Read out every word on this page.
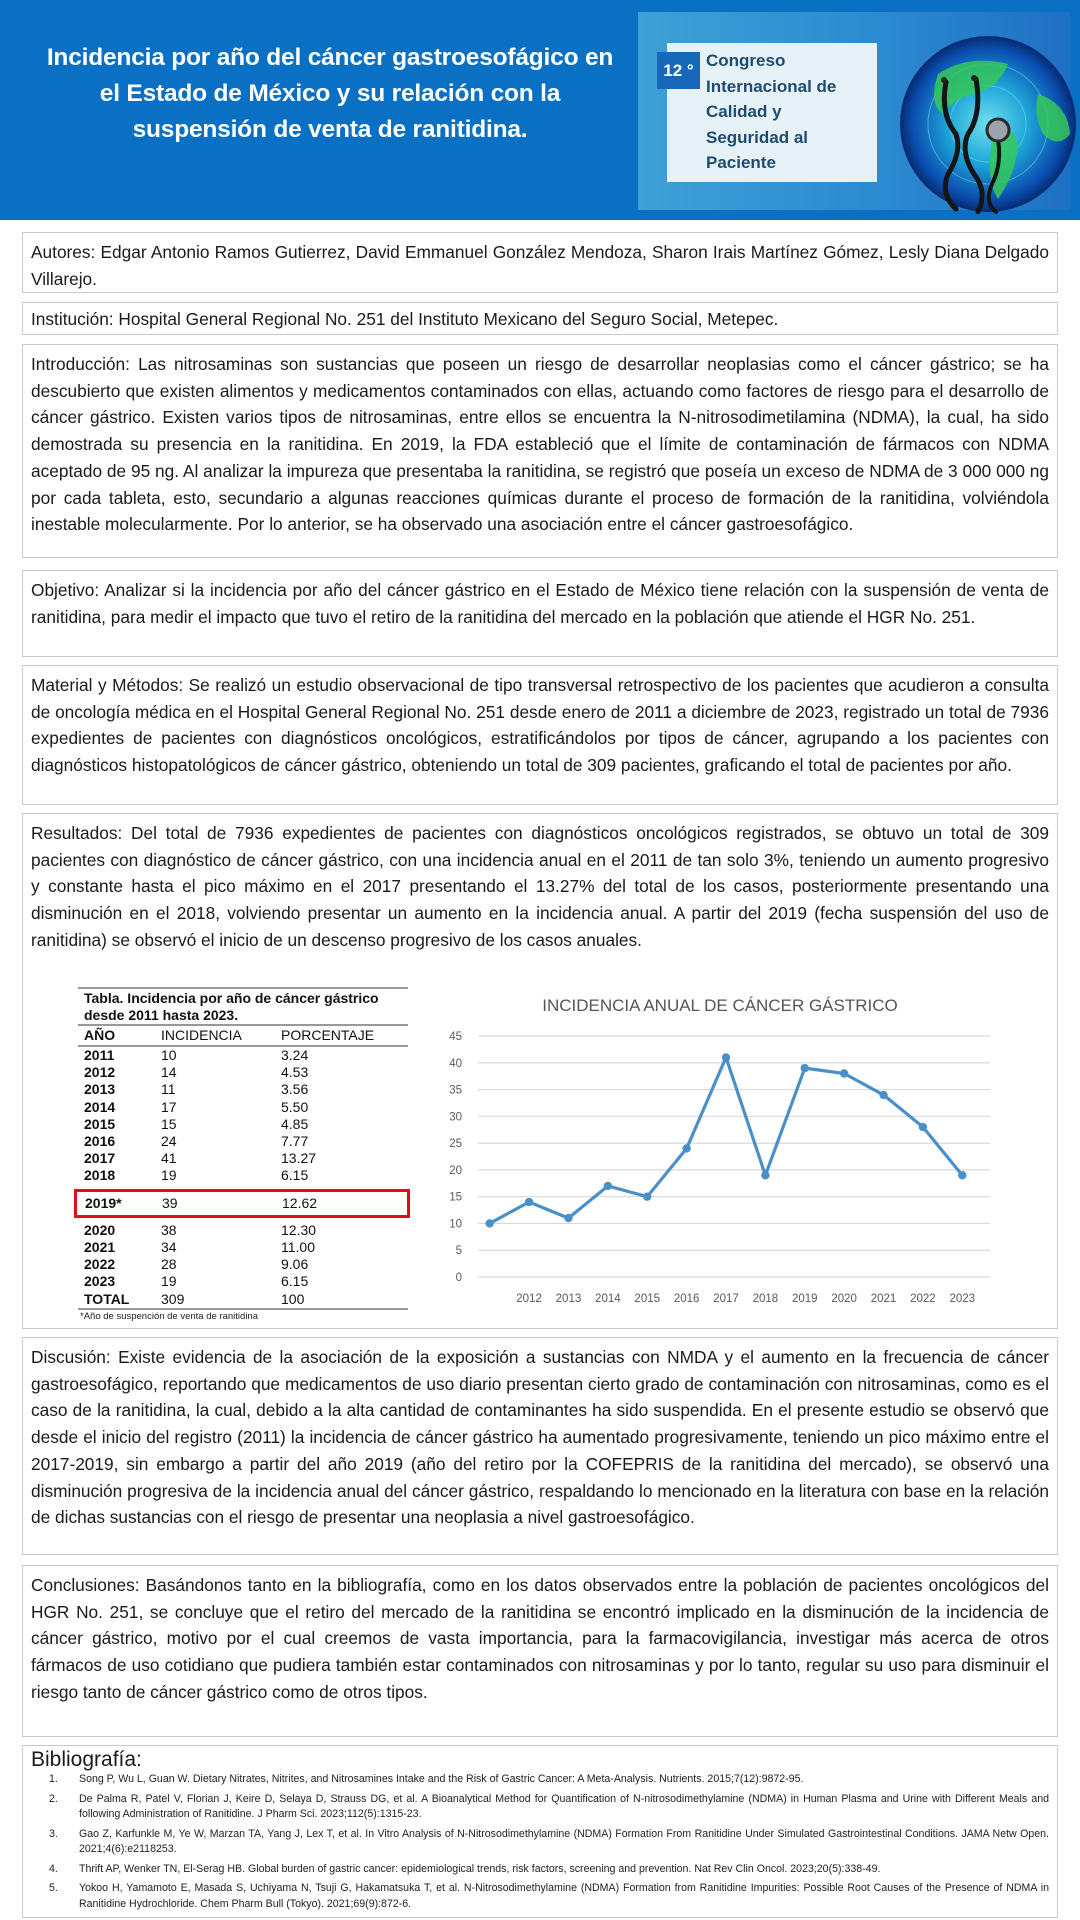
Incidencia por año del cáncer gastroesofágico en el Estado de México y su relación con la suspensión de venta de ranitidina.
12 °
Congreso Internacional de Calidad y Seguridad al Paciente

Autores: Edgar Antonio Ramos Gutierrez, David Emmanuel González Mendoza, Sharon Irais Martínez Gómez, Lesly Diana Delgado Villarejo.

Institución: Hospital General Regional No. 251 del Instituto Mexicano del Seguro Social, Metepec.

Introducción: Las nitrosaminas son sustancias que poseen un riesgo de desarrollar neoplasias como el cáncer gástrico; se ha descubierto que existen alimentos y medicamentos contaminados con ellas, actuando como factores de riesgo para el desarrollo de cáncer gástrico. Existen varios tipos de nitrosaminas, entre ellos se encuentra la N-nitrosodimetilamina (NDMA), la cual, ha sido demostrada su presencia en la ranitidina. En 2019, la FDA estableció que el límite de contaminación de fármacos con NDMA aceptado de 95 ng. Al analizar la impureza que presentaba la ranitidina, se registró que poseía un exceso de NDMA de 3 000 000 ng por cada tableta, esto, secundario a algunas reacciones químicas durante el proceso de formación de la ranitidina, volviéndola inestable molecularmente. Por lo anterior, se ha observado una asociación entre el cáncer gastroesofágico.

Objetivo: Analizar si la incidencia por año del cáncer gástrico en el Estado de México tiene relación con la suspensión de venta de ranitidina, para medir el impacto que tuvo el retiro de la ranitidina del mercado en la población que atiende el HGR No. 251.

Material y Métodos: Se realizó un estudio observacional de tipo transversal retrospectivo de los pacientes que acudieron a consulta de oncología médica en el Hospital General Regional No. 251 desde enero de 2011 a diciembre de 2023, registrado un total de 7936 expedientes de pacientes con diagnósticos oncológicos, estratificándolos por tipos de cáncer, agrupando a los pacientes con diagnósticos histopatológicos de cáncer gástrico, obteniendo un total de 309 pacientes, graficando el total de pacientes por año.

Resultados: Del total de 7936 expedientes de pacientes con diagnósticos oncológicos registrados, se obtuvo un total de 309 pacientes con diagnóstico de cáncer gástrico, con una incidencia anual en el 2011 de tan solo 3%, teniendo un aumento progresivo y constante hasta el pico máximo en el 2017 presentando el 13.27% del total de los casos, posteriormente presentando una disminución en el 2018, volviendo presentar un aumento en la incidencia anual. A partir del 2019 (fecha suspensión del uso de ranitidina) se observó el inicio de un descenso progresivo de los casos anuales.

Tabla. Incidencia por año de cáncer gástrico desde 2011 hasta 2023.
AÑO	INCIDENCIA	PORCENTAJE
2011	10	3.24
2012	14	4.53
2013	11	3.56
2014	17	5.50
2015	15	4.85
2016	24	7.77
2017	41	13.27
2018	19	6.15
2019*	39	12.62
2020	38	12.30
2021	34	11.00
2022	28	9.06
2023	19	6.15
TOTAL	309	100
*Año de suspención de venta de ranitidina
INCIDENCIA ANUAL DE CÁNCER GÁSTRICO
0
5
10
15
20
25
30
35
40
45
2012 2013 2014 2015 2016 2017 2018 2019 2020 2021 2022 2023

Discusión: Existe evidencia de la asociación de la exposición a sustancias con NMDA y el aumento en la frecuencia de cáncer gastroesofágico, reportando que medicamentos de uso diario presentan cierto grado de contaminación con nitrosaminas, como es el caso de la ranitidina, la cual, debido a la alta cantidad de contaminantes ha sido suspendida. En el presente estudio se observó que desde el inicio del registro (2011) la incidencia de cáncer gástrico ha aumentado progresivamente, teniendo un pico máximo entre el 2017-2019, sin embargo a partir del año 2019 (año del retiro por la COFEPRIS de la ranitidina del mercado), se observó una disminución progresiva de la incidencia anual del cáncer gástrico, respaldando lo mencionado en la literatura con base en la relación de dichas sustancias con el riesgo de presentar una neoplasia a nivel gastroesofágico.

Conclusiones: Basándonos tanto en la bibliografía, como en los datos observados entre la población de pacientes oncológicos del HGR No. 251, se concluye que el retiro del mercado de la ranitidina se encontró implicado en la disminución de la incidencia de cáncer gástrico, motivo por el cual creemos de vasta importancia, para la farmacovigilancia, investigar más acerca de otros fármacos de uso cotidiano que pudiera también estar contaminados con nitrosaminas y por lo tanto, regular su uso para disminuir el riesgo tanto de cáncer gástrico como de otros tipos.

Bibliografía:
1.	Song P, Wu L, Guan W. Dietary Nitrates, Nitrites, and Nitrosamines Intake and the Risk of Gastric Cancer: A Meta-Analysis. Nutrients. 2015;7(12):9872-95.
2.	De Palma R, Patel V, Florian J, Keire D, Selaya D, Strauss DG, et al. A Bioanalytical Method for Quantification of N-nitrosodimethylamine (NDMA) in Human Plasma and Urine with Different Meals and following Administration of Ranitidine. J Pharm Sci. 2023;112(5):1315-23.
3.	Gao Z, Karfunkle M, Ye W, Marzan TA, Yang J, Lex T, et al. In Vitro Analysis of N-Nitrosodimethylamine (NDMA) Formation From Ranitidine Under Simulated Gastrointestinal Conditions. JAMA Netw Open. 2021;4(6):e2118253.
4.	Thrift AP, Wenker TN, El-Serag HB. Global burden of gastric cancer: epidemiological trends, risk factors, screening and prevention. Nat Rev Clin Oncol. 2023;20(5):338-49.
5.	Yokoo H, Yamamoto E, Masada S, Uchiyama N, Tsuji G, Hakamatsuka T, et al. N-Nitrosodimethylamine (NDMA) Formation from Ranitidine Impurities: Possible Root Causes of the Presence of NDMA in Ranitidine Hydrochloride. Chem Pharm Bull (Tokyo). 2021;69(9):872-6.
